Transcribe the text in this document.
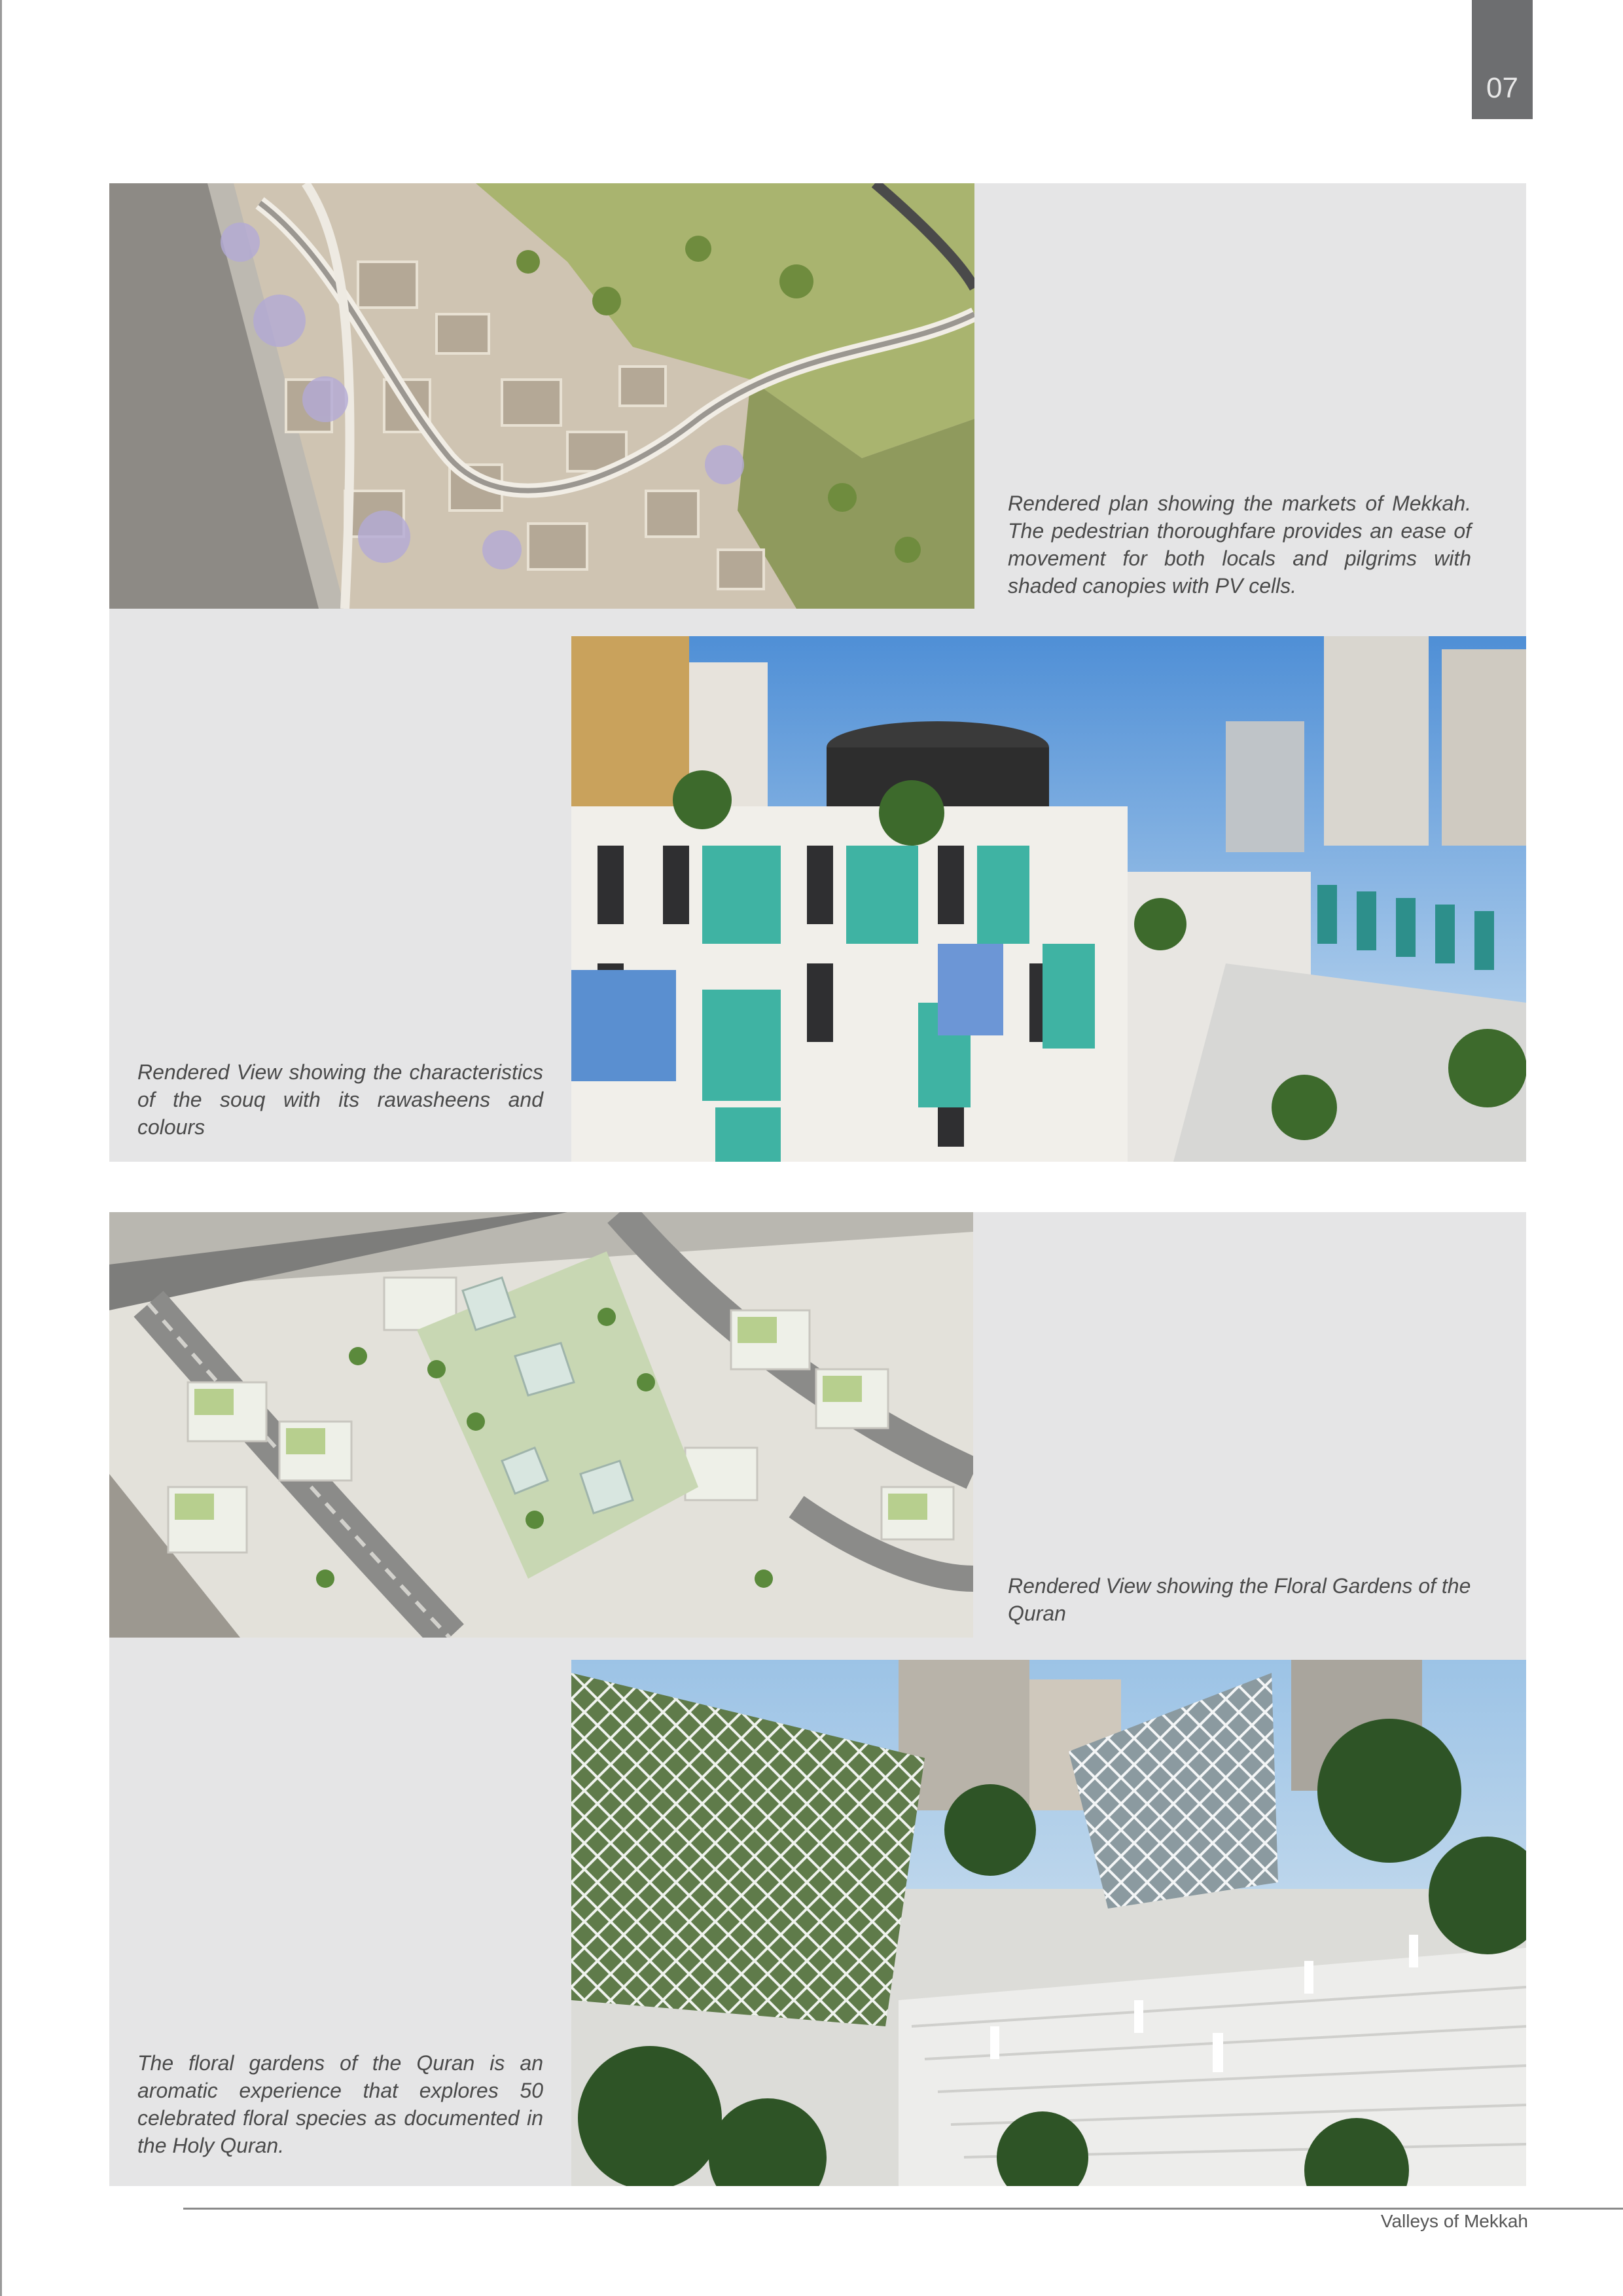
07

Rendered plan showing the markets of Mekkah. The pedestrian thoroughfare provides an ease of movement for both locals and pilgrims with shaded canopies with PV cells.

Rendered View showing the characteristics of the souq with its rawasheens and colours

Rendered View showing the Floral Gardens of the Quran

The floral gardens of the Quran is an aromatic experience that explores 50 celebrated floral species as documented in the Holy Quran.

Valleys of Mekkah
